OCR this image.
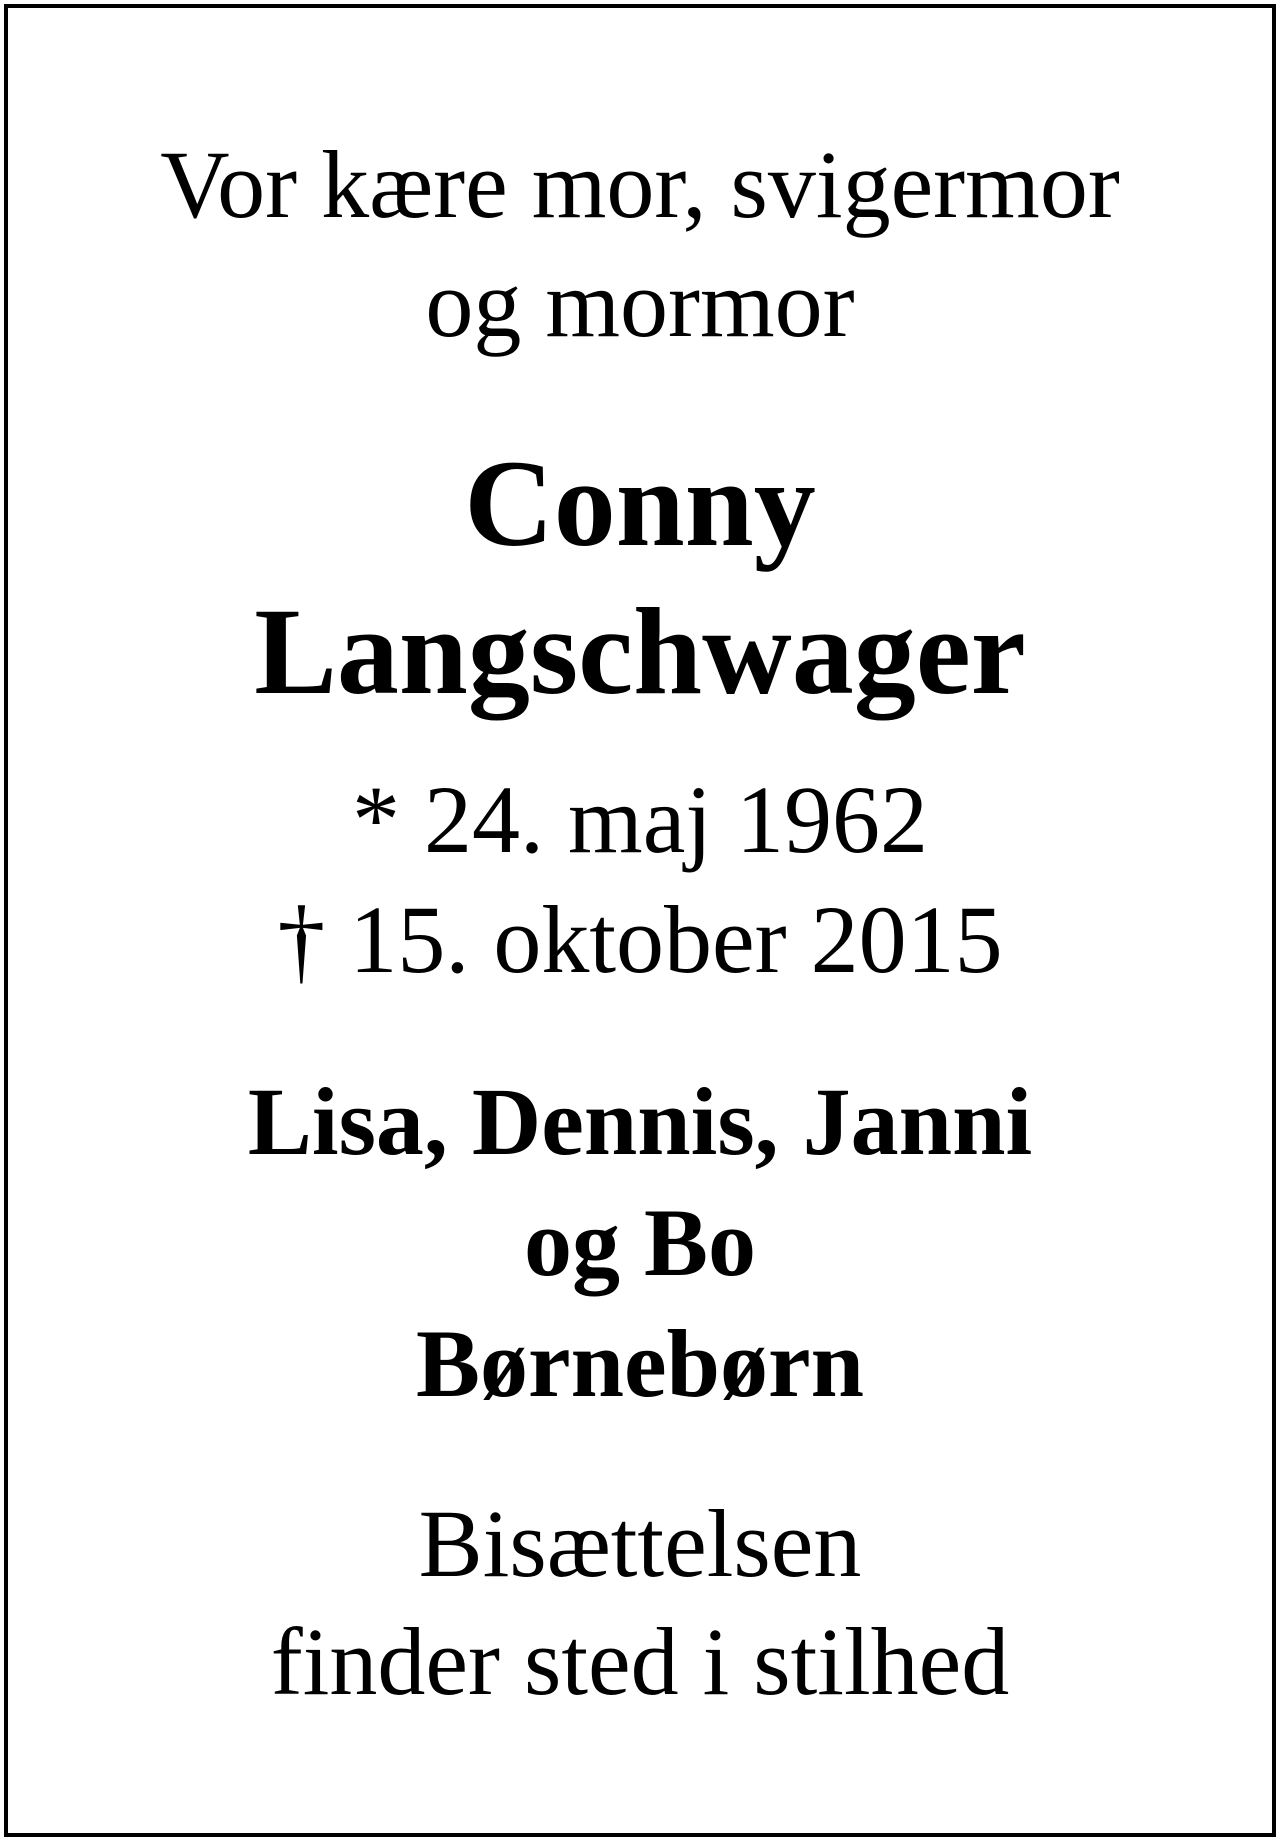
Vor kære mor, svigermor
og mormor
Conny
Langschwager
* 24. maj 1962
† 15. oktober 2015
Lisa, Dennis, Janni
og Bo
Børnebørn
Bisættelsen
finder sted i stilhed
